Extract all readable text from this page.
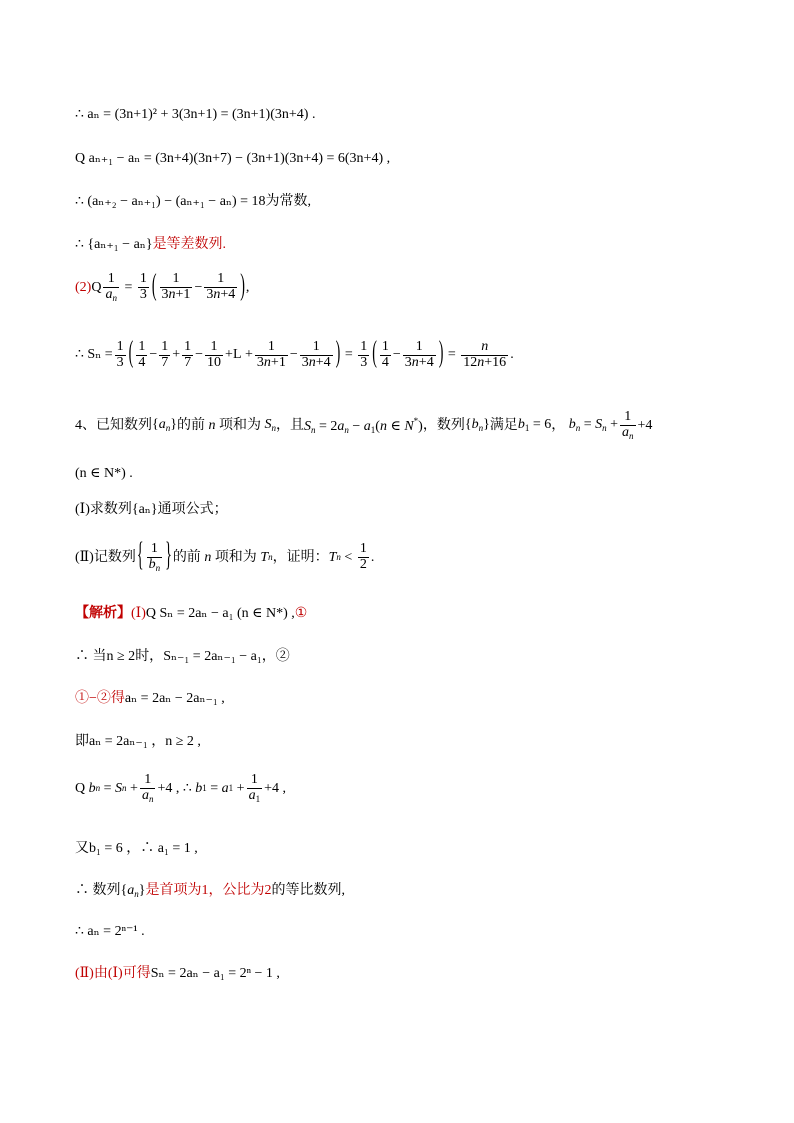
∴ aₙ = (3n+1)² + 3(3n+1) = (3n+1)(3n+4) .
Q aₙ₊₁ − aₙ = (3n+4)(3n+7) − (3n+1)(3n+4) = 6(3n+4) ,
∴ (aₙ₊₂ − aₙ₊₁) − (aₙ₊₁ − aₙ) = 18为常数,
∴ {aₙ₊₁ − aₙ}是等差数列.
(2) Q $\frac{1}{a_n} = \frac{1}{3}$ ( $\frac{1}{3n+1} - \frac{1}{3n+4}$ ) ,
∴ $S_n = \frac{1}{3}$ ( $\frac{1}{4} - \frac{1}{7} + \frac{1}{7} - \frac{1}{10} + L + \frac{1}{3n+1} - \frac{1}{3n+4}$ ) = $\frac{1}{3}$ ( $\frac{1}{4} - \frac{1}{3n+4}$ ) = $\frac{n}{12n+16}$ .
4、已知数列 $\{a_n\}$ 的前 n 项和为 $S_n$ ，且 $S_n = 2a_n - a_1(n$ ∈ N*) ，数列 $\{b_n\}$ 满足 $b_1 = 6$ ， $b_n = S_n + \frac{1}{a_n} +4$
(n ∈ N*) .
(Ⅰ)求数列{aₙ}通项公式；
(Ⅱ)记数列 { $\frac{1}{b_n}$ } 的前 n 项和为
T n ，证明： T $n < \frac{1}{2}$ .
【解析】(Ⅰ)Q Sₙ = 2aₙ − a₁ (n ∈ N*) ,①
∴ 当n ≥ 2时，Sₙ₋₁ = 2aₙ₋₁ − a₁，②
①−②得aₙ = 2aₙ − 2aₙ₋₁ ,
即aₙ = 2aₙ₋₁ ，n ≥ 2 ,
Q
b n = S $n + \frac{1}{a_n} +4$ , ∴ b 1 = a $1 + \frac{1}{a_1} +4$ ,
又b₁ = 6 ，∴ a₁ = 1 ,
∴ 数列$\{a_n\}$是首项为1，公比为2的等比数列,
∴ aₙ = 2ⁿ⁻¹ .
(Ⅱ)由(Ⅰ)可得Sₙ = 2aₙ − a₁ = 2ⁿ − 1 ,
